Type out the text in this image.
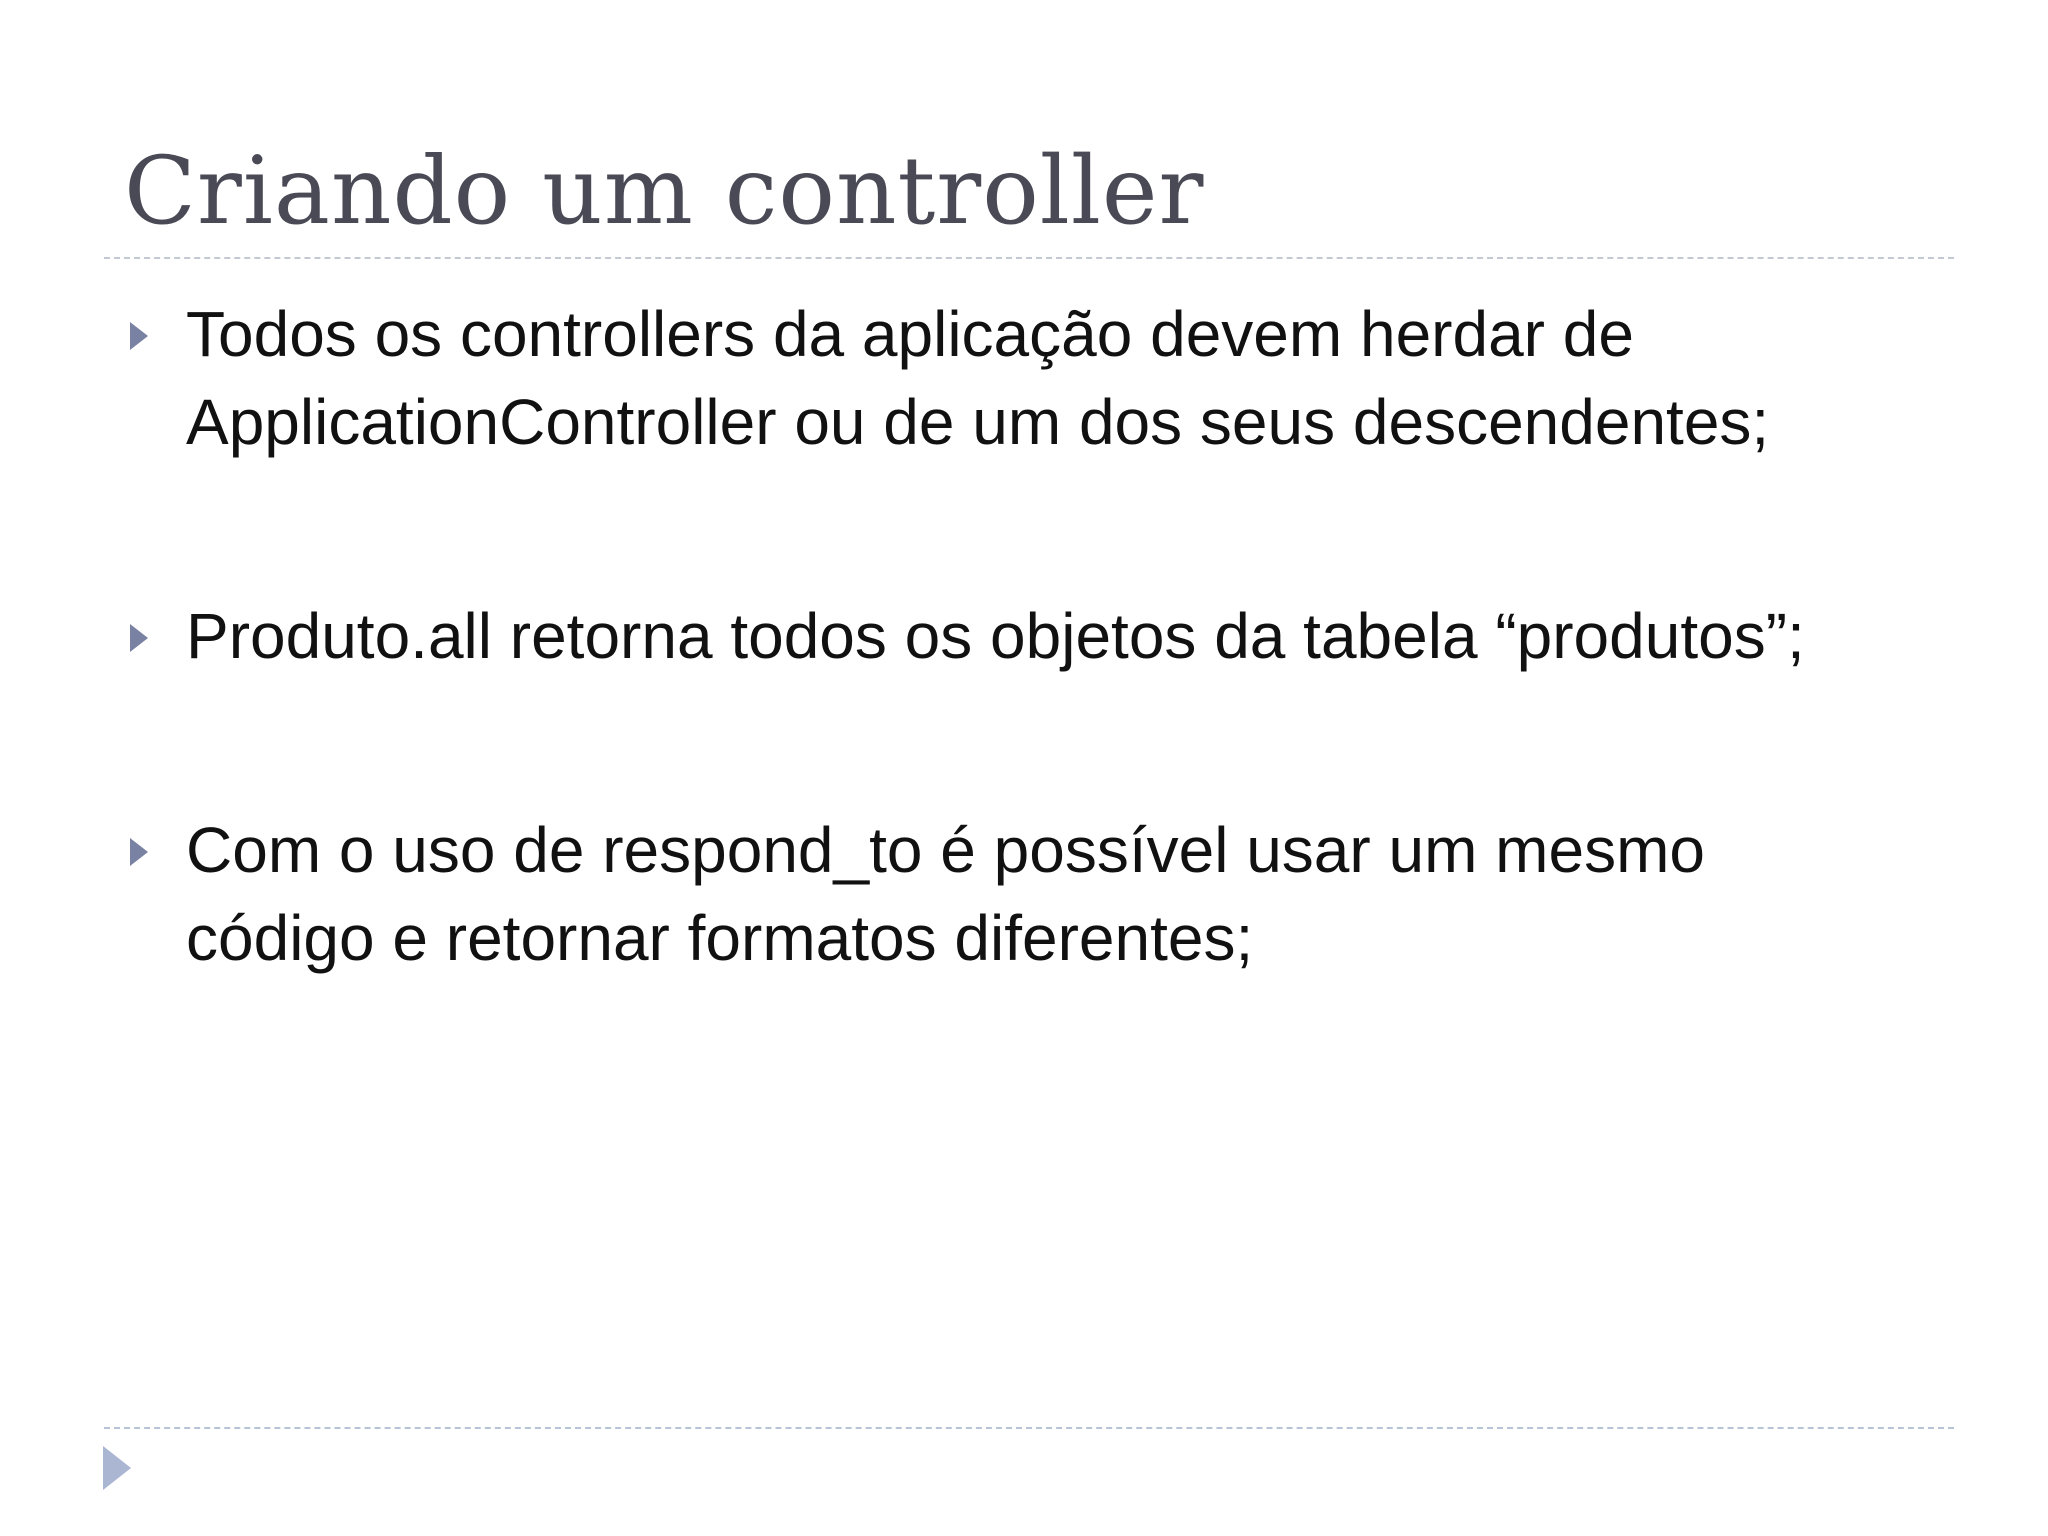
Criando um controller
Todos os controllers da aplicação devem herdar de ApplicationController ou de um dos seus descendentes;
Produto.all retorna todos os objetos da tabela “produtos”;
Com o uso de respond_to é possível usar um mesmo código e retornar formatos diferentes;
